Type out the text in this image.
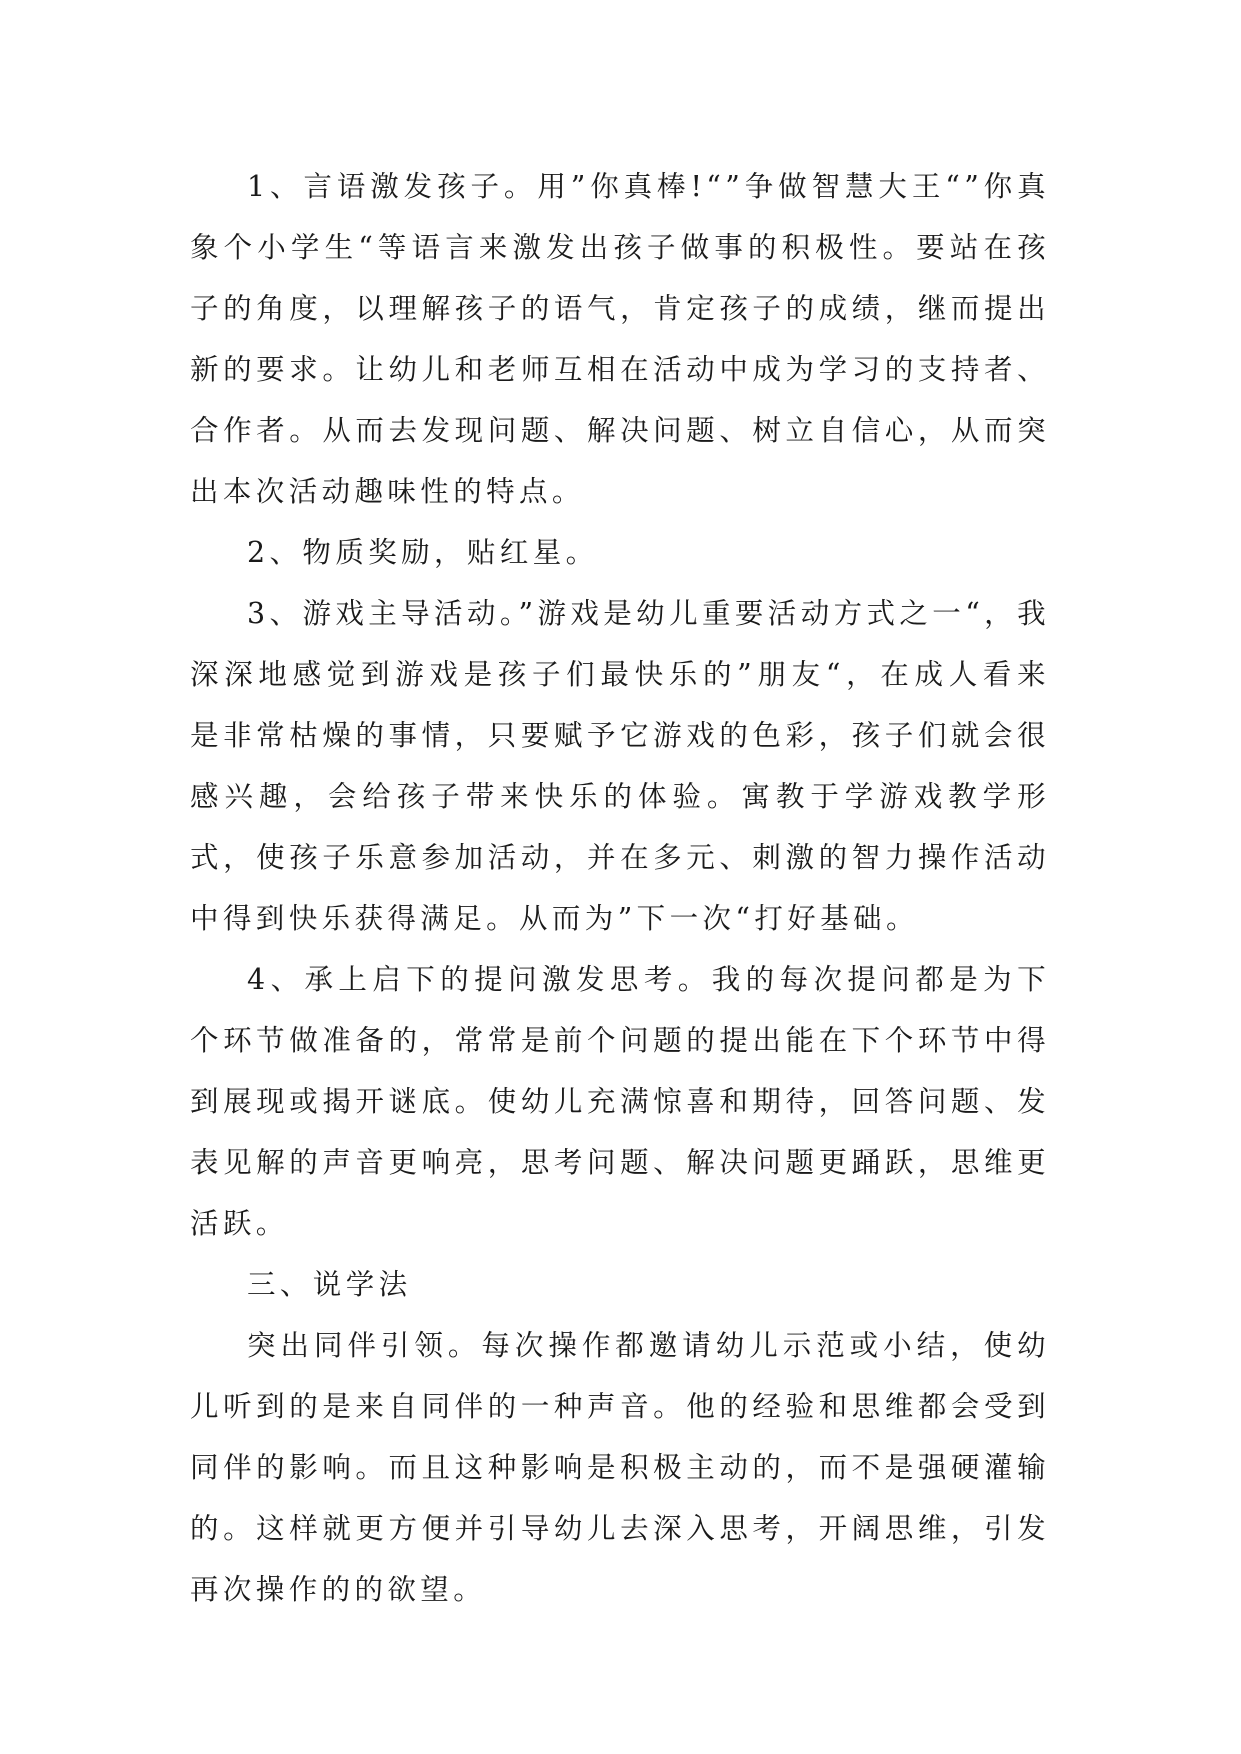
1、言语激发孩子。用”你真棒!“”争做智慧大王“”你真象个小学生“等语言来激发出孩子做事的积极性。要站在孩子的角度，以理解孩子的语气，肯定孩子的成绩，继而提出新的要求。让幼儿和老师互相在活动中成为学习的支持者、合作者。从而去发现问题、解决问题、树立自信心，从而突出本次活动趣味性的特点。

2、物质奖励，贴红星。

3、游戏主导活动。”游戏是幼儿重要活动方式之一“，我深深地感觉到游戏是孩子们最快乐的”朋友“，在成人看来是非常枯燥的事情，只要赋予它游戏的色彩，孩子们就会很感兴趣，会给孩子带来快乐的体验。寓教于学游戏教学形式，使孩子乐意参加活动，并在多元、刺激的智力操作活动中得到快乐获得满足。从而为”下一次“打好基础。

4、承上启下的提问激发思考。我的每次提问都是为下个环节做准备的，常常是前个问题的提出能在下个环节中得到展现或揭开谜底。使幼儿充满惊喜和期待，回答问题、发表见解的声音更响亮，思考问题、解决问题更踊跃，思维更活跃。

三、说学法

突出同伴引领。每次操作都邀请幼儿示范或小结，使幼儿听到的是来自同伴的一种声音。他的经验和思维都会受到同伴的影响。而且这种影响是积极主动的，而不是强硬灌输的。这样就更方便并引导幼儿去深入思考，开阔思维，引发再次操作的的欲望。
